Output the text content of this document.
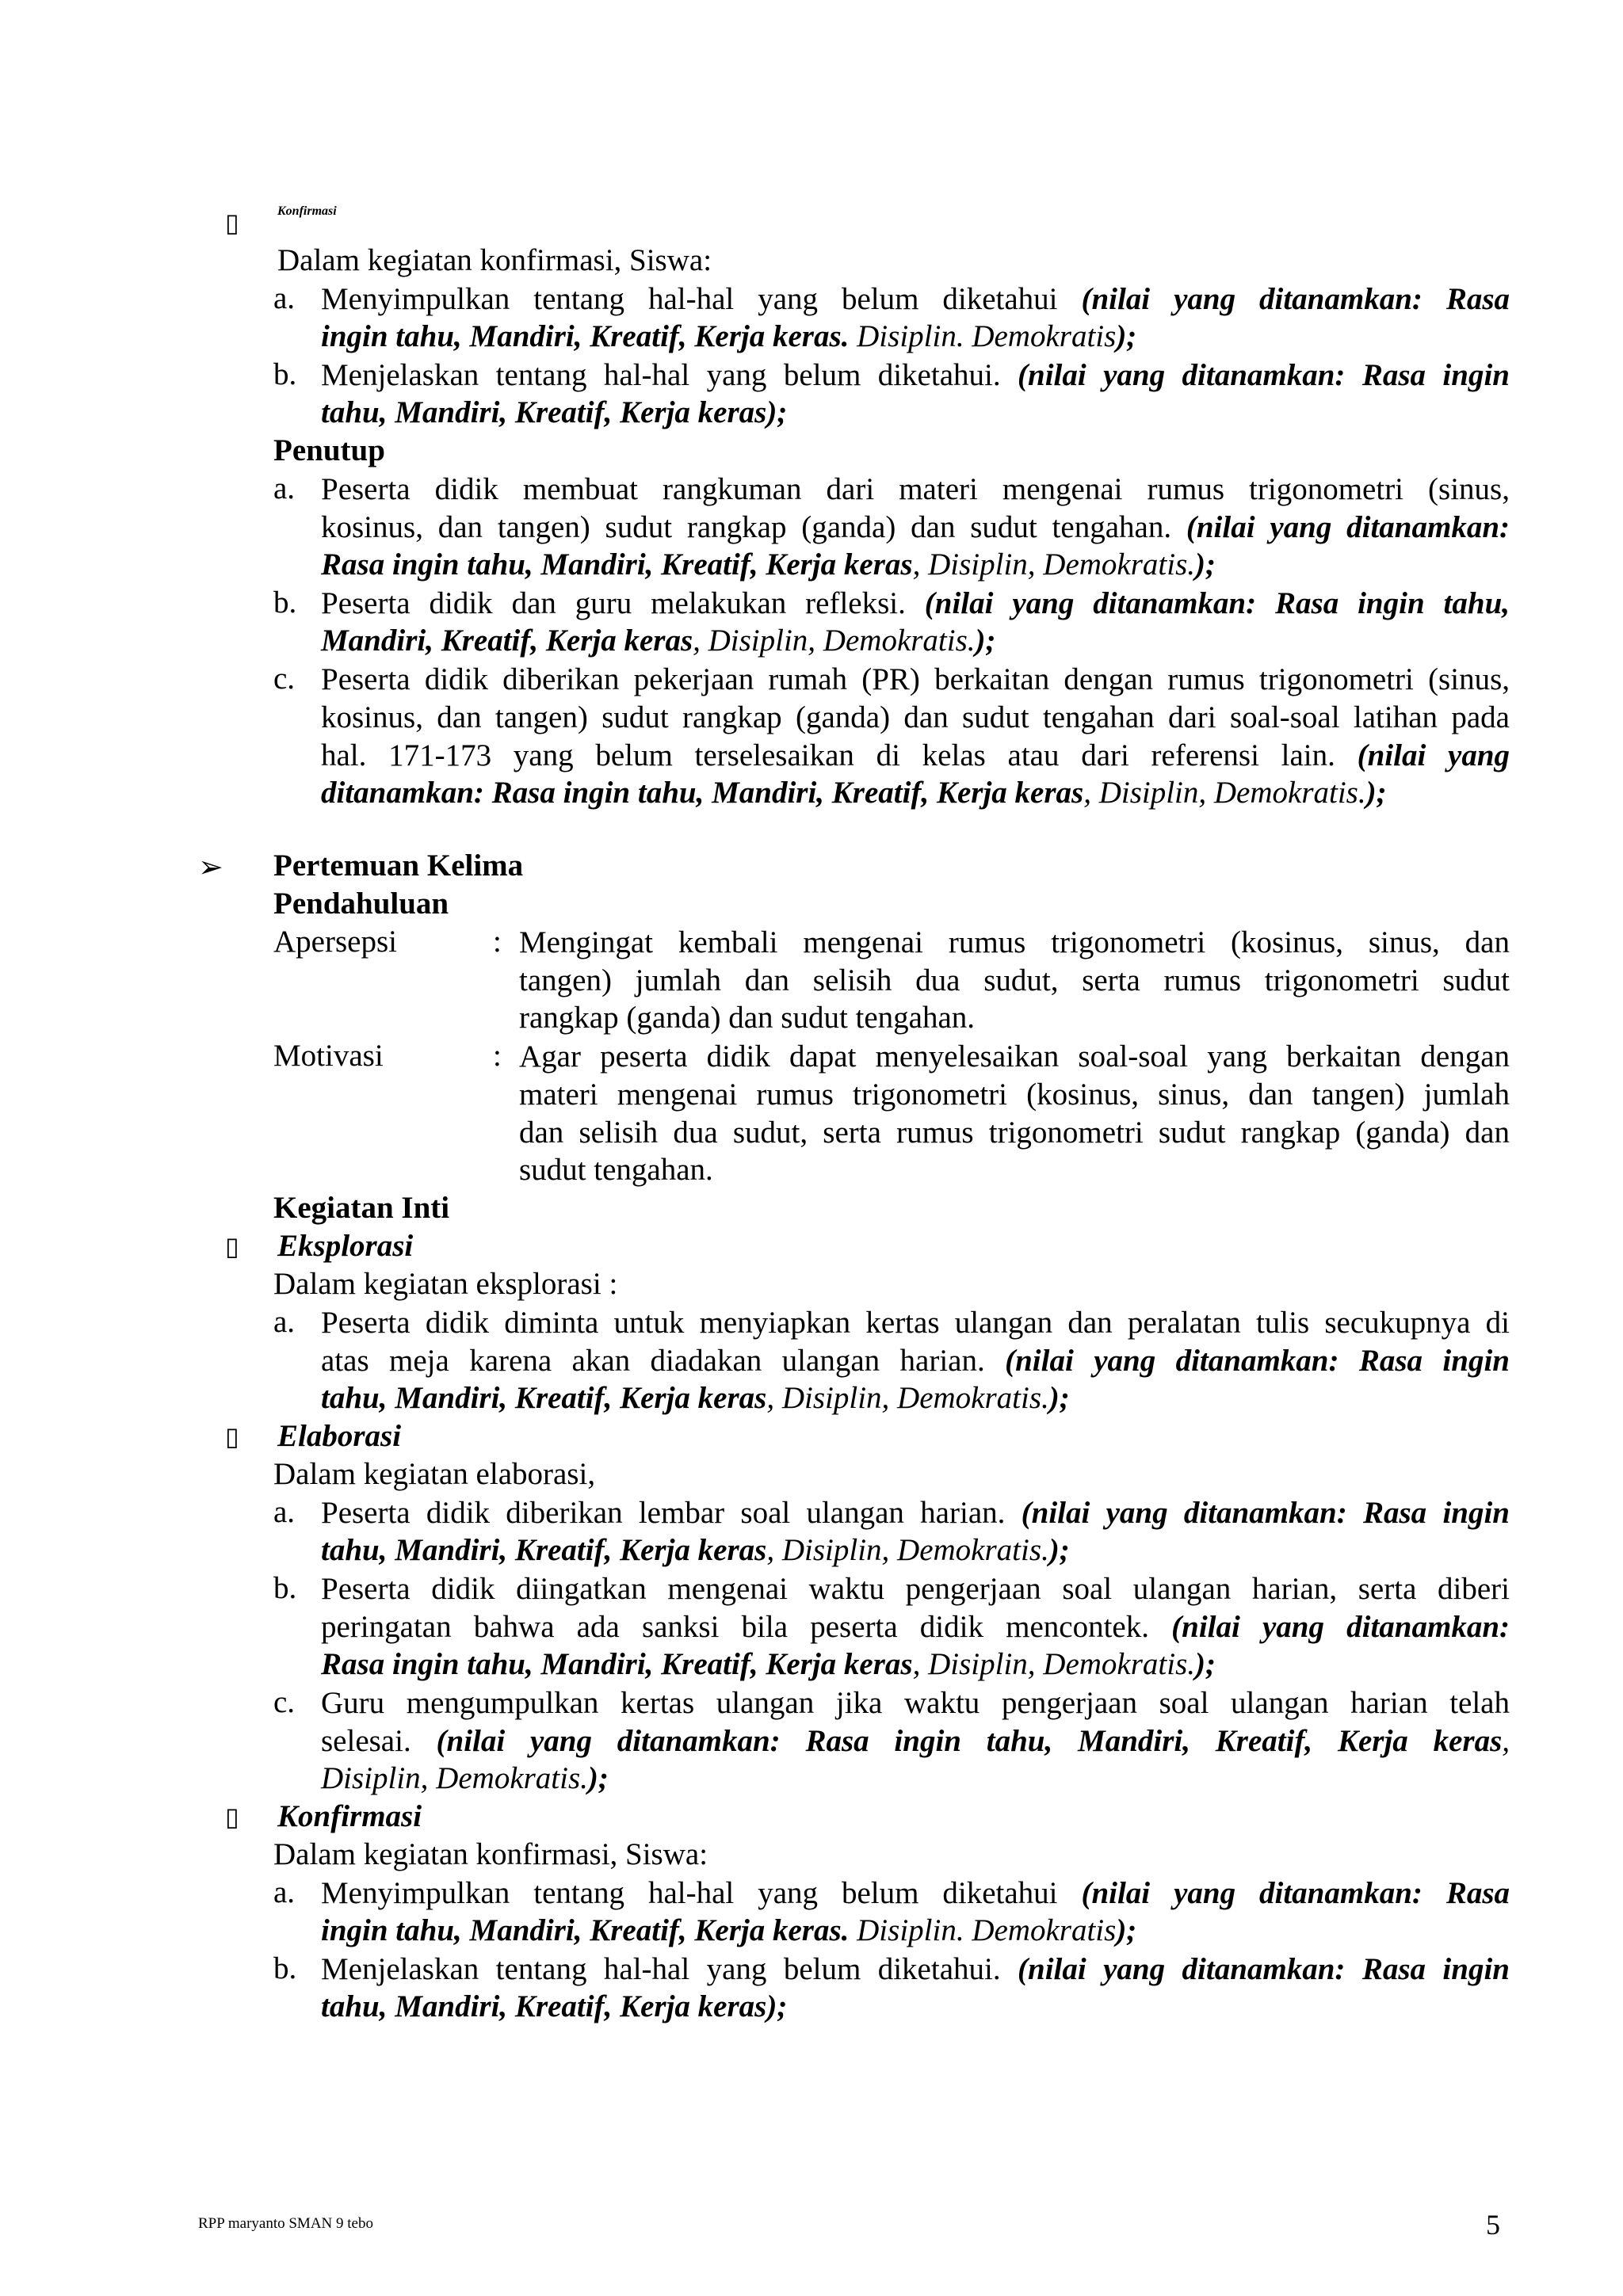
▯	Konfirmasi
Dalam kegiatan konfirmasi, Siswa:
a. Menyimpulkan tentang hal-hal yang belum diketahui (nilai yang ditanamkan: Rasa
ingin tahu, Mandiri, Kreatif, Kerja keras. Disiplin. Demokratis);
b. Menjelaskan tentang hal-hal yang belum diketahui. (nilai yang ditanamkan: Rasa ingin
tahu, Mandiri, Kreatif, Kerja keras);
Penutup
a. Peserta didik membuat rangkuman dari materi mengenai rumus trigonometri (sinus,
kosinus, dan tangen) sudut rangkap (ganda) dan sudut tengahan. (nilai yang ditanamkan:
Rasa ingin tahu, Mandiri, Kreatif, Kerja keras, Disiplin, Demokratis.);
b. Peserta didik dan guru melakukan refleksi. (nilai yang ditanamkan: Rasa ingin tahu,
Mandiri, Kreatif, Kerja keras, Disiplin, Demokratis.);
c. Peserta didik diberikan pekerjaan rumah (PR) berkaitan dengan rumus trigonometri (sinus,
kosinus, dan tangen) sudut rangkap (ganda) dan sudut tengahan dari soal-soal latihan pada
hal. 171-173 yang belum terselesaikan di kelas atau dari referensi lain. (nilai yang
ditanamkan: Rasa ingin tahu, Mandiri, Kreatif, Kerja keras, Disiplin, Demokratis.);
➢ Pertemuan Kelima
Pendahuluan
Apersepsi	: Mengingat kembali mengenai rumus trigonometri (kosinus, sinus, dan
tangen) jumlah dan selisih dua sudut, serta rumus trigonometri sudut
rangkap (ganda) dan sudut tengahan.
Motivasi	: Agar peserta didik dapat menyelesaikan soal-soal yang berkaitan dengan
materi mengenai rumus trigonometri (kosinus, sinus, dan tangen) jumlah
dan selisih dua sudut, serta rumus trigonometri sudut rangkap (ganda) dan
sudut tengahan.
Kegiatan Inti
▯ Eksplorasi
Dalam kegiatan eksplorasi :
a. Peserta didik diminta untuk menyiapkan kertas ulangan dan peralatan tulis secukupnya di
atas meja karena akan diadakan ulangan harian. (nilai yang ditanamkan: Rasa ingin
tahu, Mandiri, Kreatif, Kerja keras, Disiplin, Demokratis.);
▯ Elaborasi
Dalam kegiatan elaborasi,
a. Peserta didik diberikan lembar soal ulangan harian. (nilai yang ditanamkan: Rasa ingin
tahu, Mandiri, Kreatif, Kerja keras, Disiplin, Demokratis.);
b. Peserta didik diingatkan mengenai waktu pengerjaan soal ulangan harian, serta diberi
peringatan bahwa ada sanksi bila peserta didik mencontek. (nilai yang ditanamkan:
Rasa ingin tahu, Mandiri, Kreatif, Kerja keras, Disiplin, Demokratis.);
c. Guru mengumpulkan kertas ulangan jika waktu pengerjaan soal ulangan harian telah
selesai. (nilai yang ditanamkan: Rasa ingin tahu, Mandiri, Kreatif, Kerja keras,
Disiplin, Demokratis.);
▯ Konfirmasi
Dalam kegiatan konfirmasi, Siswa:
a. Menyimpulkan tentang hal-hal yang belum diketahui (nilai yang ditanamkan: Rasa
ingin tahu, Mandiri, Kreatif, Kerja keras. Disiplin. Demokratis);
b. Menjelaskan tentang hal-hal yang belum diketahui. (nilai yang ditanamkan: Rasa ingin
tahu, Mandiri, Kreatif, Kerja keras);
RPP maryanto SMAN 9 tebo	5
